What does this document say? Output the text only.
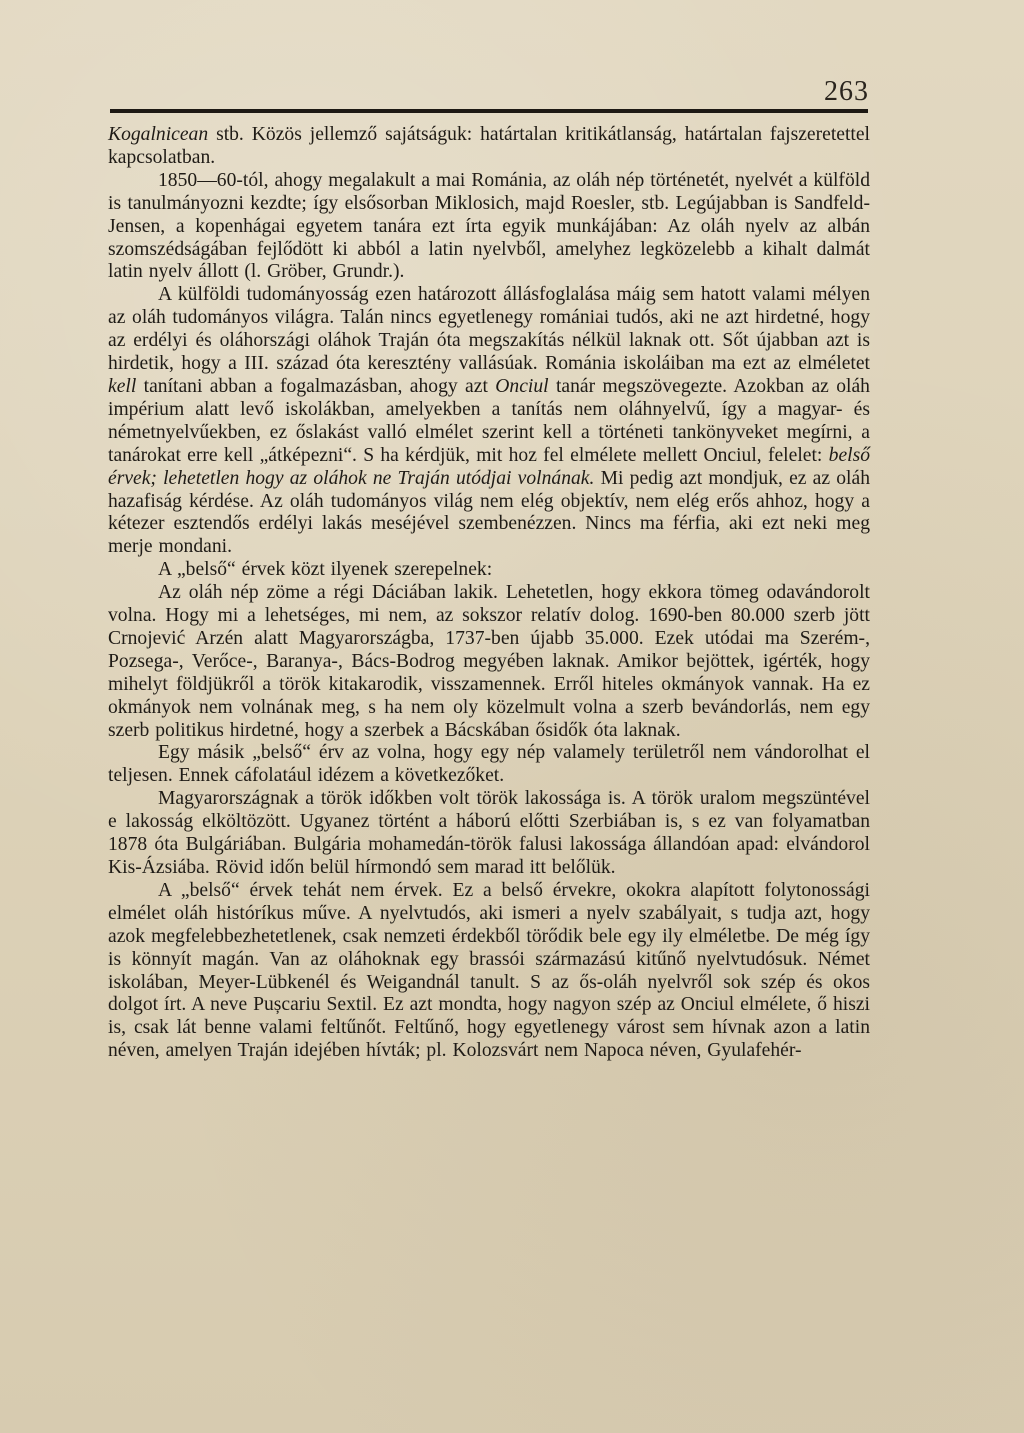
263

Kogalnicean stb. Közös jellemző sajátságuk: határtalan kritikátlanság, határtalan fajszeretettel kapcsolatban.

1850—60-tól, ahogy megalakult a mai Románia, az oláh nép történetét, nyelvét a külföld is tanulmányozni kezdte; így elsősorban Miklosich, majd Roesler, stb. Legújabban is Sandfeld-Jensen, a kopenhágai egyetem tanára ezt írta egyik munkájában: Az oláh nyelv az albán szomszédságában fejlődött ki abból a latin nyelvből, amelyhez legközelebb a kihalt dalmát latin nyelv állott (l. Gröber, Grundr.).

A külföldi tudományosság ezen határozott állásfoglalása máig sem hatott valami mélyen az oláh tudományos világra. Talán nincs egyetlenegy romániai tudós, aki ne azt hirdetné, hogy az erdélyi és oláhországi oláhok Traján óta megszakítás nélkül laknak ott. Sőt újabban azt is hirdetik, hogy a III. század óta keresztény vallásúak. Románia iskoláiban ma ezt az elméletet kell tanítani abban a fogalmazásban, ahogy azt Onciul tanár megszövegezte. Azokban az oláh impérium alatt levő iskolákban, amelyekben a tanítás nem oláhnyelvű, így a magyar- és németnyelvűekben, ez őslakást valló elmélet szerint kell a történeti tankönyveket megírni, a tanárokat erre kell „átképezni“. S ha kérdjük, mit hoz fel elmélete mellett Onciul, felelet: belső érvek; lehetetlen hogy az oláhok ne Traján utódjai volnának. Mi pedig azt mondjuk, ez az oláh hazafiság kérdése. Az oláh tudományos világ nem elég objektív, nem elég erős ahhoz, hogy a kétezer esztendős erdélyi lakás meséjével szembenézzen. Nincs ma férfia, aki ezt neki meg merje mondani.

A „belső“ érvek közt ilyenek szerepelnek:

Az oláh nép zöme a régi Dáciában lakik. Lehetetlen, hogy ekkora tömeg odavándorolt volna. Hogy mi a lehetséges, mi nem, az sokszor relatív dolog. 1690-ben 80.000 szerb jött Crnojević Arzén alatt Magyarországba, 1737-ben újabb 35.000. Ezek utódai ma Szerém-, Pozsega-, Verőce-, Baranya-, Bács-Bodrog megyében laknak. Amikor bejöttek, igérték, hogy mihelyt földjükről a török kitakarodik, visszamennek. Erről hiteles okmányok vannak. Ha ez okmányok nem volnának meg, s ha nem oly közelmult volna a szerb bevándorlás, nem egy szerb politikus hirdetné, hogy a szerbek a Bácskában ősidők óta laknak.

Egy másik „belső“ érv az volna, hogy egy nép valamely területről nem vándorolhat el teljesen. Ennek cáfolatául idézem a következőket.

Magyarországnak a török időkben volt török lakossága is. A török uralom megszüntével e lakosság elköltözött. Ugyanez történt a háború előtti Szerbiában is, s ez van folyamatban 1878 óta Bulgáriában. Bulgária mohamedán-török falusi lakossága állandóan apad: elvándorol Kis-Ázsiába. Rövid időn belül hírmondó sem marad itt belőlük.

A „belső“ érvek tehát nem érvek. Ez a belső érvekre, okokra alapított folytonossági elmélet oláh históríkus műve. A nyelvtudós, aki ismeri a nyelv szabályait, s tudja azt, hogy azok megfelebbezhetetlenek, csak nemzeti érdekből törődik bele egy ily elméletbe. De még így is könnyít magán. Van az oláhoknak egy brassói származású kitűnő nyelvtudósuk. Német iskolában, Meyer-Lübkenél és Weigandnál tanult. S az ős-oláh nyelvről sok szép és okos dolgot írt. A neve Pușcariu Sextil. Ez azt mondta, hogy nagyon szép az Onciul elmélete, ő hiszi is, csak lát benne valami feltűnőt. Feltűnő, hogy egyetlenegy várost sem hívnak azon a latin néven, amelyen Traján idejében hívták; pl. Kolozsvárt nem Napoca néven, Gyulafehér-
